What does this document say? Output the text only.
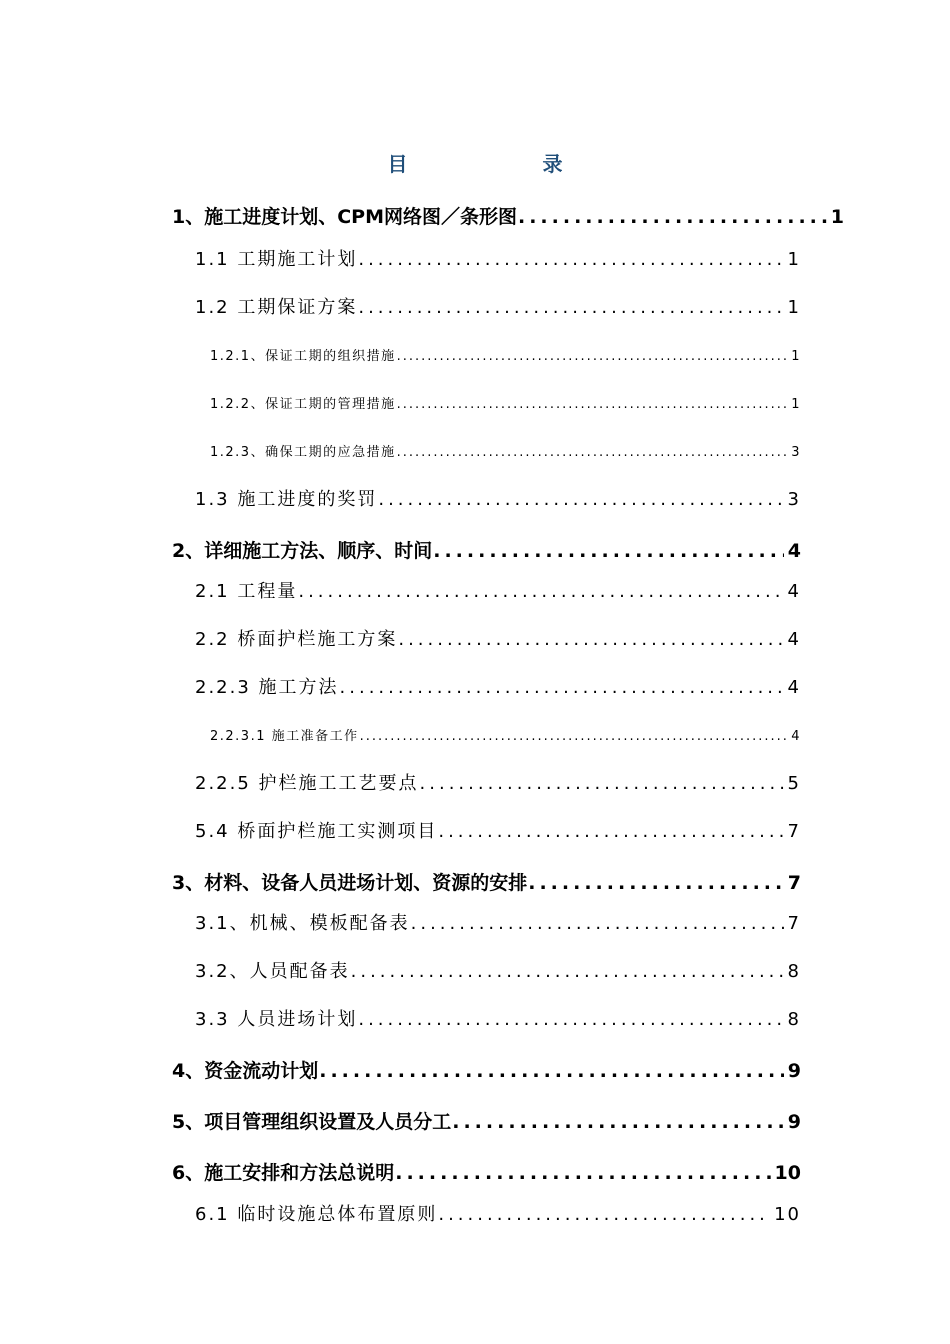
目 录
1、施工进度计划、CPM网络图／条形图 .....	1
1.1 工期施工计划 .....	1
1.2 工期保证方案 .....	1
1.2.1、保证工期的组织措施 .....	1
1.2.2、保证工期的管理措施 .....	1
1.2.3、确保工期的应急措施 .....	3
1.3 施工进度的奖罚 .....	3
2、详细施工方法、顺序、时间 .....	4
2.1 工程量 .....	4
2.2 桥面护栏施工方案 .....	4
2.2.3 施工方法 .....	4
2.2.3.1 施工准备工作 .....	4
2.2.5 护栏施工工艺要点 .....	5
5.4 桥面护栏施工实测项目 .....	7
3、材料、设备人员进场计划、资源的安排 .....	7
3.1、机械、模板配备表 .....	7
3.2、人员配备表 .....	8
3.3 人员进场计划 .....	8
4、资金流动计划 .....	9
5、项目管理组织设置及人员分工 .....	9
6、施工安排和方法总说明 .....	10
6.1 临时设施总体布置原则 .....	10
